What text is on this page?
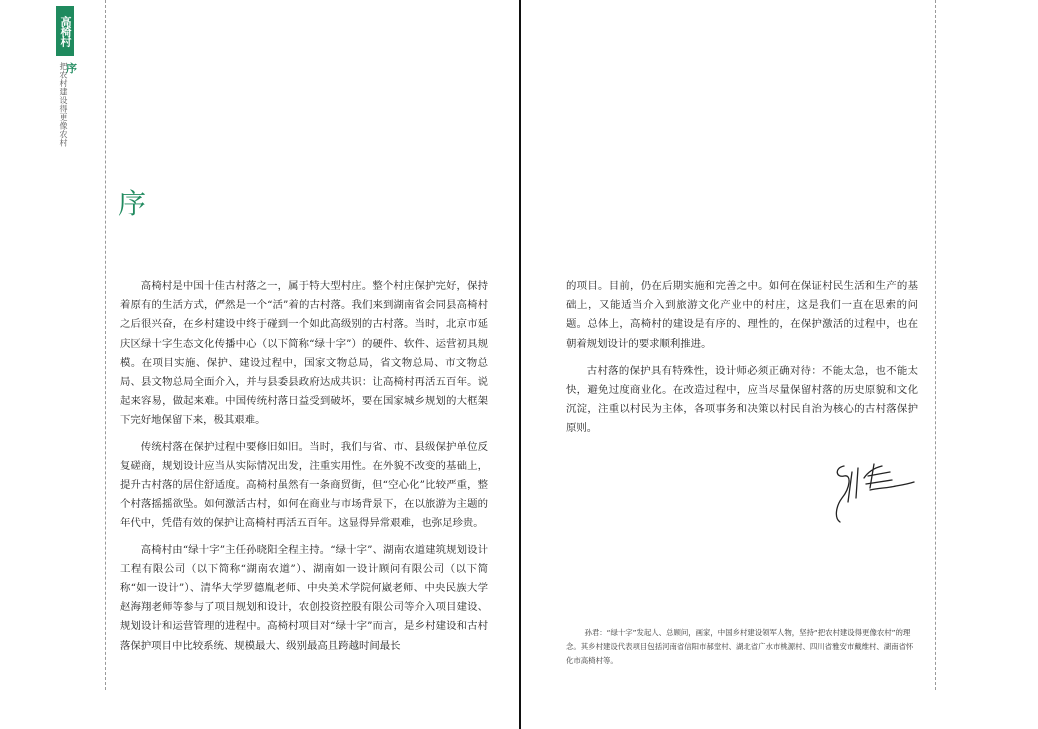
高椅村
序
把农村建设得更像农村
序

高椅村是中国十佳古村落之一，属于特大型村庄。整个村庄保护完好，保持着原有的生活方式，俨然是一个“活”着的古村落。我们来到湖南省会同县高椅村之后很兴奋，在乡村建设中终于碰到一个如此高级别的古村落。当时，北京市延庆区绿十字生态文化传播中心（以下简称“绿十字”）的硬件、软件、运营初具规模。在项目实施、保护、建设过程中，国家文物总局，省文物总局、市文物总局、县文物总局全面介入，并与县委县政府达成共识：让高椅村再活五百年。说起来容易，做起来难。中国传统村落日益受到破坏，要在国家城乡规划的大框架下完好地保留下来，极其艰难。

传统村落在保护过程中要修旧如旧。当时，我们与省、市、县级保护单位反复磋商，规划设计应当从实际情况出发，注重实用性。在外貌不改变的基础上，提升古村落的居住舒适度。高椅村虽然有一条商贸街，但“空心化”比较严重，整个村落摇摇欲坠。如何激活古村，如何在商业与市场背景下，在以旅游为主题的年代中，凭借有效的保护让高椅村再活五百年。这显得异常艰难，也弥足珍贵。

高椅村由“绿十字”主任孙晓阳全程主持。“绿十字”、湖南农道建筑规划设计工程有限公司（以下简称“湖南农道”）、湖南如一设计顾问有限公司（以下简称“如一设计”）、清华大学罗德胤老师、中央美术学院何崴老师、中央民族大学赵海翔老师等参与了项目规划和设计，农创投资控股有限公司等介入项目建设、规划设计和运营管理的进程中。高椅村项目对“绿十字”而言，是乡村建设和古村落保护项目中比较系统、规模最大、级别最高且跨越时间最长

的项目。目前，仍在后期实施和完善之中。如何在保证村民生活和生产的基础上，又能适当介入到旅游文化产业中的村庄，这是我们一直在思索的问题。总体上，高椅村的建设是有序的、理性的，在保护激活的过程中，也在朝着规划设计的要求顺利推进。

古村落的保护具有特殊性，设计师必须正确对待：不能太急，也不能太快，避免过度商业化。在改造过程中，应当尽量保留村落的历史原貌和文化沉淀，注重以村民为主体，各项事务和决策以村民自治为核心的古村落保护原则。

孙君：“绿十字”发起人、总顾问，画家，中国乡村建设领军人物，坚持“把农村建设得更像农村”的理念。其乡村建设代表项目包括河南省信阳市郝堂村、湖北省广水市桃源村、四川省雅安市戴维村、湖南省怀化市高椅村等。
